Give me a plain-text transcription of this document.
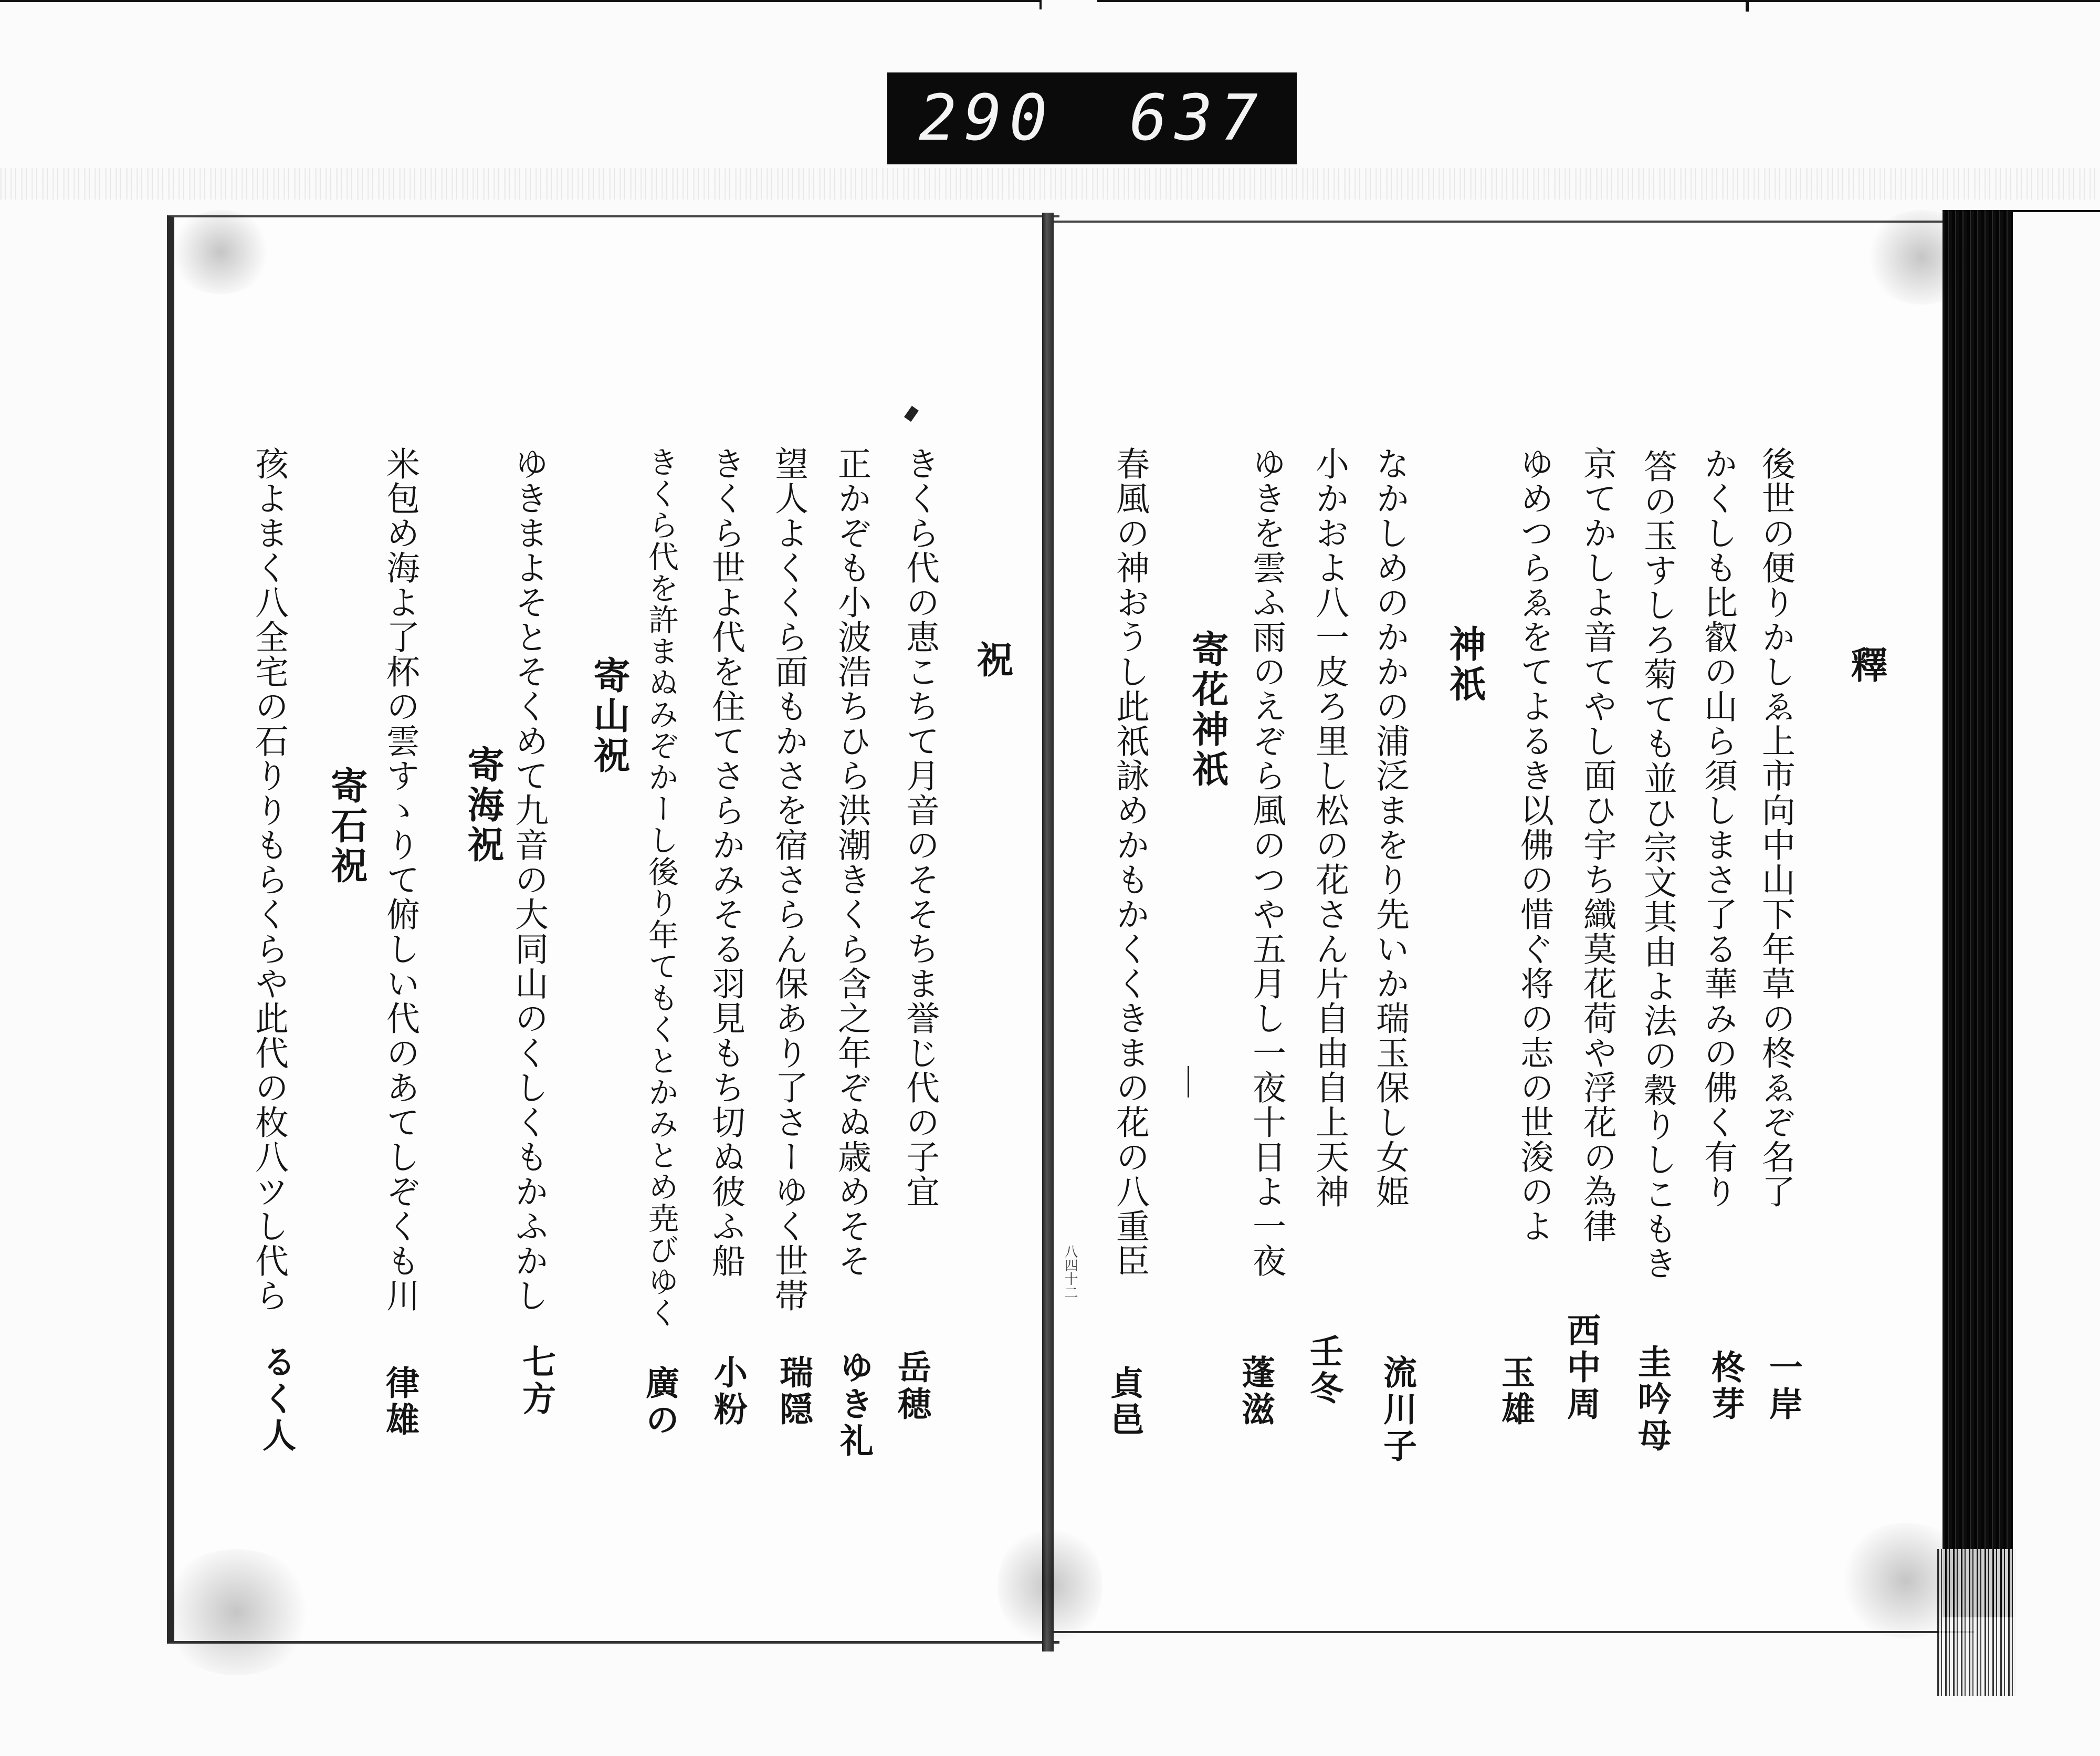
290 637
釋
後世の便りかしゑ上市向中山下年草の柊ゑぞ名了
かくしも比叡の山ら須しまさ了る華みの佛く有り
答の玉すしろ菊ても並ひ宗文其由よ法の穀りしこもき
京てかしよ音てやし面ひ宇ち織莫花荷や浮花の為律
ゆめつらゑをてよるき以佛の惜ぐ将の志の世浚のよ
一岸
柊芽
圭吟母
西中周
玉雄
神祇
なかしめのかかの浦泛まをり先いか瑞玉保し女姫
小かおよ八一皮ろ里し松の花さん片自由自上天神
ゆきを雲ふ雨のえぞら風のつや五月し一夜十日よ一夜
流川子
壬冬
蓬滋
寄花神祇
春風の神おうし此祇詠めかもかくくきまの花の八重臣
貞邑
八四十二
祝
きくら代の恵こちて月音のそそちま誉じ代の子宜
正かぞも小波浩ちひら洪潮きくら含之年ぞぬ歳めそそ
望人よくくら面もかさを宿さらん保あり了さーゆく世帯
きくら世よ代を住てさらかみそる羽見もち切ぬ彼ふ船
きくら代を許まぬみぞかーし後り年てもくとかみとめ尭びゆく
岳穂
ゆき礼
瑞隠
小粉
廣の
寄山祝
ゆきまよそとそくめて九音の大同山のくしくもかふかし
七方
寄海祝
米包め海よ了杯の雲すゝりて俯しい代のあてしぞくも川
律雄
寄石祝
孩よまく八全宅の石りりもらくらや此代の枚八ツし代ら
るく人
